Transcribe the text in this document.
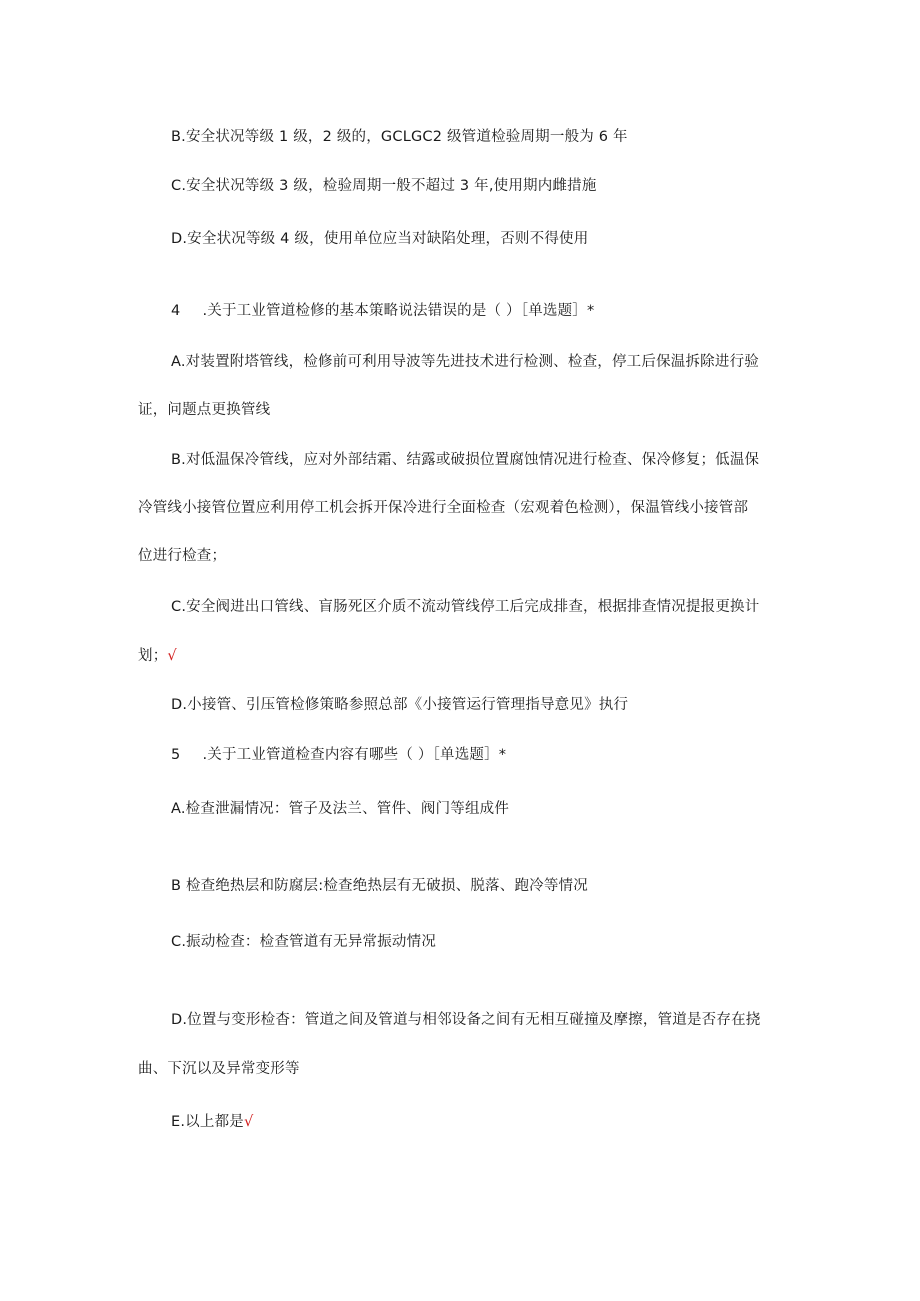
B.安全状况等级 1 级，2 级的，GCLGC2 级管道检验周期一般为 6 年
C.安全状况等级 3 级，检验周期一般不超过 3 年,使用期内雌措施
D.安全状况等级 4 级，使用单位应当对缺陷处理，否则不得使用
4 .关于工业管道检修的基本策略说法错误的是（ ）［单选题］*
A.对装置附塔管线，检修前可利用导波等先进技术进行检测、检查，停工后保温拆除进行验
证，问题点更换管线
B.对低温保冷管线，应对外部结霜、结露或破损位置腐蚀情况进行检查、保冷修复；低温保
冷管线小接管位置应利用停工机会拆开保冷进行全面检查（宏观着色检测），保温管线小接管部
位进行检查；
C.安全阀进出口管线、盲肠死区介质不流动管线停工后完成排查，根据排查情况提报更换计
划；√
D.小接管、引压管检修策略参照总部《小接管运行管理指导意见》执行
5 .关于工业管道检查内容有哪些（ ）［单选题］*
A.检查泄漏情况：管子及法兰、管件、阀门等组成件
B 检查绝热层和防腐层:检查绝热层有无破损、脱落、跑冷等情况
C.振动检查：检查管道有无异常振动情况
D.位置与变形检杳：管道之间及管道与相邻设备之间有无相互碰撞及摩擦，管道是否存在挠
曲、下沉以及异常变形等
E.以上都是√
